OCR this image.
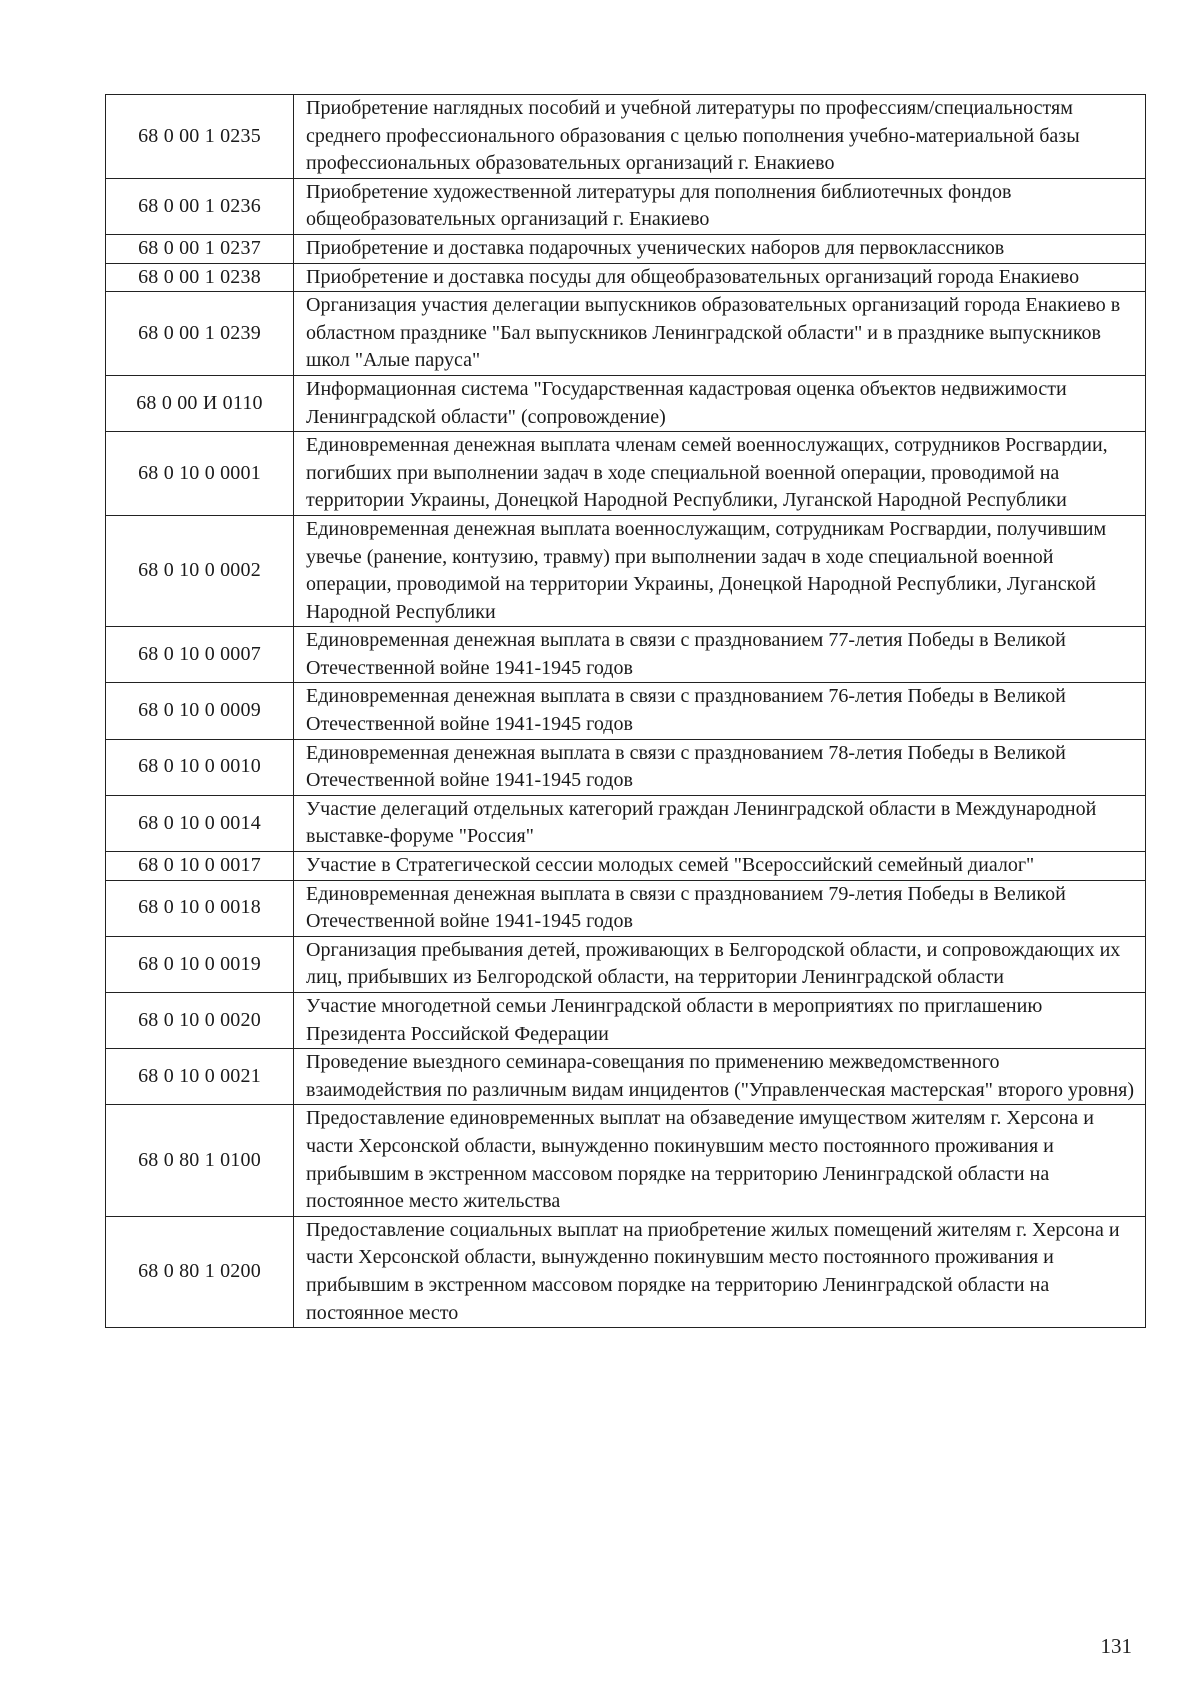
68 0 00 1 0235	Приобретение наглядных пособий и учебной литературы по профессиям/специальностям среднего профессионального образования с целью пополнения учебно-материальной базы профессиональных образовательных организаций г. Енакиево
68 0 00 1 0236	Приобретение художественной литературы для пополнения библиотечных фондов общеобразовательных организаций г. Енакиево
68 0 00 1 0237	Приобретение и доставка подарочных ученических наборов для первоклассников
68 0 00 1 0238	Приобретение и доставка посуды для общеобразовательных организаций города Енакиево
68 0 00 1 0239	Организация участия делегации выпускников образовательных организаций города Енакиево в областном празднике "Бал выпускников Ленинградской области" и в празднике выпускников школ "Алые паруса"
68 0 00 И 0110	Информационная система "Государственная кадастровая оценка объектов недвижимости Ленинградской области" (сопровождение)
68 0 10 0 0001	Единовременная денежная выплата членам семей военнослужащих, сотрудников Росгвардии, погибших при выполнении задач в ходе специальной военной операции, проводимой на территории Украины, Донецкой Народной Республики, Луганской Народной Республики
68 0 10 0 0002	Единовременная денежная выплата военнослужащим, сотрудникам Росгвардии, получившим увечье (ранение, контузию, травму) при выполнении задач в ходе специальной военной операции, проводимой на территории Украины, Донецкой Народной Республики, Луганской Народной Республики
68 0 10 0 0007	Единовременная денежная выплата в связи с празднованием 77-летия Победы в Великой Отечественной войне 1941-1945 годов
68 0 10 0 0009	Единовременная денежная выплата в связи с празднованием 76-летия Победы в Великой Отечественной войне 1941-1945 годов
68 0 10 0 0010	Единовременная денежная выплата в связи с празднованием 78-летия Победы в Великой Отечественной войне 1941-1945 годов
68 0 10 0 0014	Участие делегаций отдельных категорий граждан Ленинградской области в Международной выставке-форуме "Россия"
68 0 10 0 0017	Участие в Стратегической сессии молодых семей "Всероссийский семейный диалог"
68 0 10 0 0018	Единовременная денежная выплата в связи с празднованием 79-летия Победы в Великой Отечественной войне 1941-1945 годов
68 0 10 0 0019	Организация пребывания детей, проживающих в Белгородской области, и сопровождающих их лиц, прибывших из Белгородской области, на территории Ленинградской области
68 0 10 0 0020	Участие многодетной семьи Ленинградской области в мероприятиях по приглашению Президента Российской Федерации
68 0 10 0 0021	Проведение выездного семинара-совещания по применению межведомственного взаимодействия по различным видам инцидентов ("Управленческая мастерская" второго уровня)
68 0 80 1 0100	Предоставление единовременных выплат на обзаведение имуществом жителям г. Херсона и части Херсонской области, вынужденно покинувшим место постоянного проживания и прибывшим в экстренном массовом порядке на территорию Ленинградской области на постоянное место жительства
68 0 80 1 0200	Предоставление социальных выплат на приобретение жилых помещений жителям г. Херсона и части Херсонской области, вынужденно покинувшим место постоянного проживания и прибывшим в экстренном массовом порядке на территорию Ленинградской области на постоянное место
131
